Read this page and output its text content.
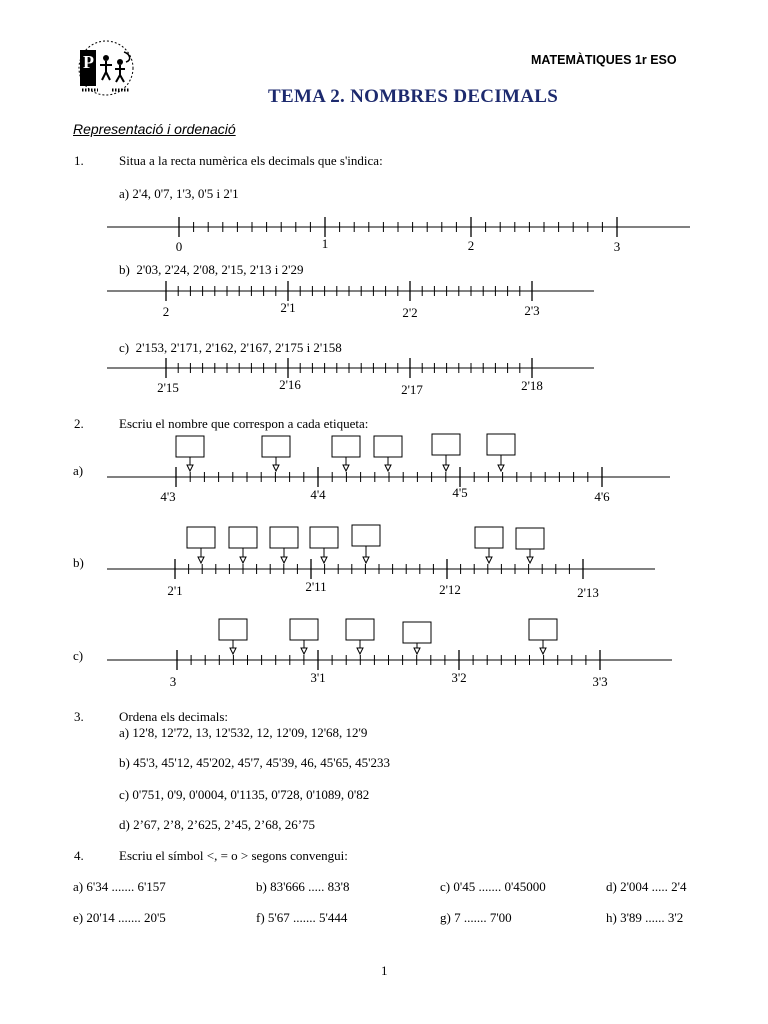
P	MATEMÀTIQUES 1r ESO
TEMA 2. NOMBRES DECIMALS
Representació i ordenació
1.	Situa a la recta numèrica els decimals que s'indica:
a) 2'4, 0'7, 1'3, 0'5 i 2'1
b) 2'03, 2'24, 2'08, 2'15, 2'13 i 2'29
c) 2'153, 2'171, 2'162, 2'167, 2'175 i 2'158
2.	Escriu el nombre que correspon a cada etiqueta:
a)
b)
c)
3.	Ordena els decimals:
a) 12'8, 12'72, 13, 12'532, 12, 12'09, 12'68, 12'9
b) 45'3, 45'12, 45'202, 45'7, 45'39, 46, 45'65, 45'233
c) 0'751, 0'9, 0'0004, 0'1135, 0'728, 0'1089, 0'82
d) 2’67, 2’8, 2’625, 2’45, 2’68, 26’75
4.	Escriu el símbol <, = o > segons convengui:
a) 6'34 ....... 6'157	b) 83'666 ..... 83'8	c) 0'45 ....... 0'45000	d) 2'004 ..... 2'4
e) 20'14 ....... 20'5	f) 5'67 ....... 5'444	g) 7 ....... 7'00	h) 3'89 ...... 3'2
1
0	1	2	3
2	2'1	2'2	2'3
2'15	2'16	2'17	2'18
4'3	4'4	4'5	4'6
2'1	2'11	2'12	2'13
3	3'1	3'2	3'3
